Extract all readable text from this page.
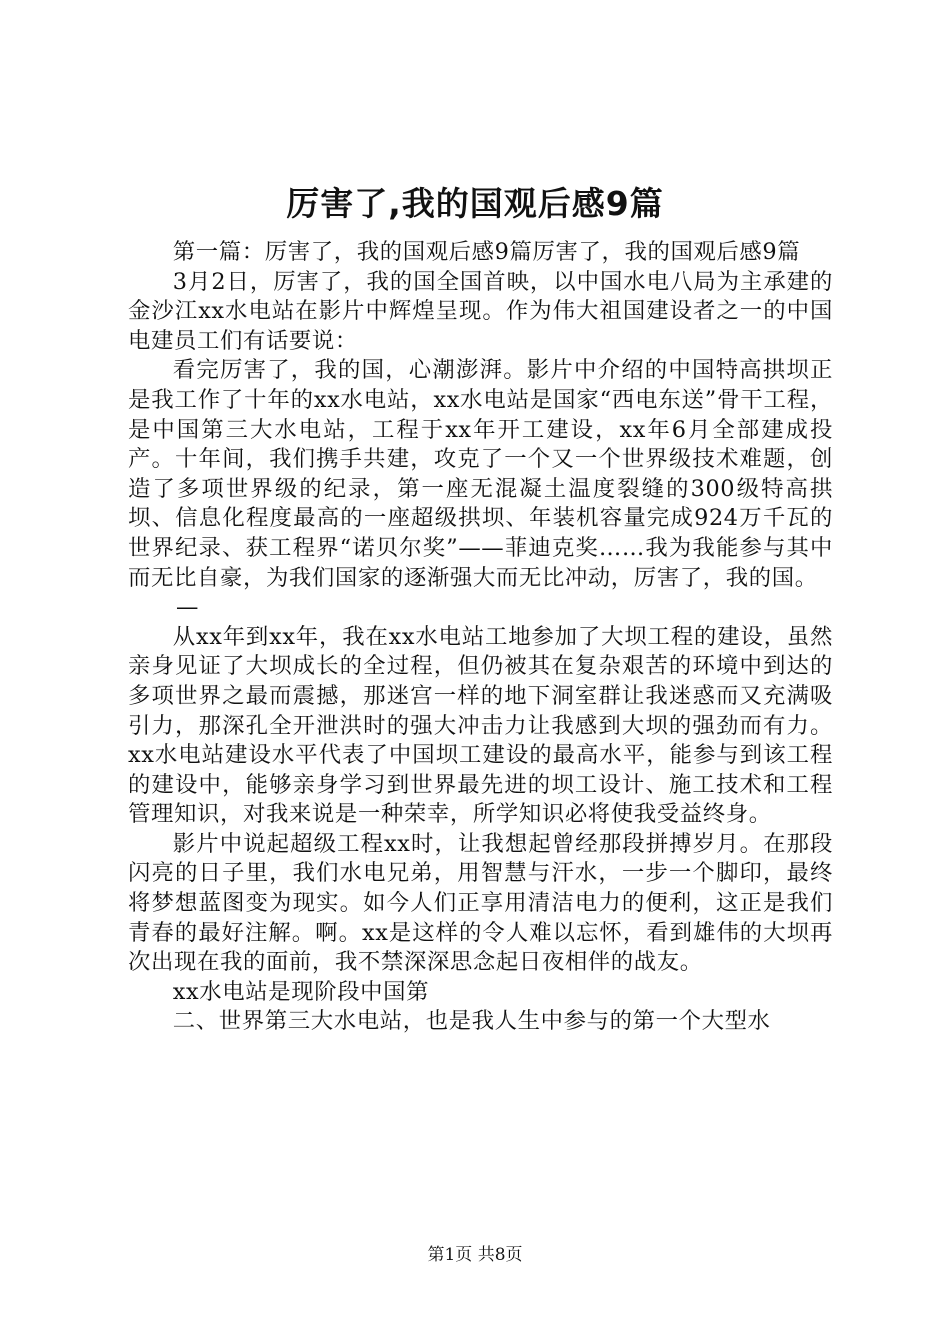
厉害了,我的国观后感9篇

第一篇：厉害了，我的国观后感9篇厉害了，我的国观后感9篇

3月2日，厉害了，我的国全国首映，以中国水电八局为主承建的金沙江xx水电站在影片中辉煌呈现。作为伟大祖国建设者之一的中国电建员工们有话要说：

看完厉害了，我的国，心潮澎湃。影片中介绍的中国特高拱坝正是我工作了十年的xx水电站，xx水电站是国家“西电东送”骨干工程，是中国第三大水电站，工程于xx年开工建设，xx年6月全部建成投产。十年间，我们携手共建，攻克了一个又一个世界级技术难题，创造了多项世界级的纪录，第一座无混凝土温度裂缝的300级特高拱坝、信息化程度最高的一座超级拱坝、年装机容量完成924万千瓦的世界纪录、获工程界“诺贝尔奖”——菲迪克奖……我为我能参与其中而无比自豪，为我们国家的逐渐强大而无比冲动，厉害了，我的国。

—

从xx年到xx年，我在xx水电站工地参加了大坝工程的建设，虽然亲身见证了大坝成长的全过程，但仍被其在复杂艰苦的环境中到达的多项世界之最而震撼，那迷宫一样的地下洞室群让我迷惑而又充满吸引力，那深孔全开泄洪时的强大冲击力让我感到大坝的强劲而有力。xx水电站建设水平代表了中国坝工建设的最高水平，能参与到该工程的建设中，能够亲身学习到世界最先进的坝工设计、施工技术和工程管理知识，对我来说是一种荣幸，所学知识必将使我受益终身。

影片中说起超级工程xx时，让我想起曾经那段拼搏岁月。在那段闪亮的日子里，我们水电兄弟，用智慧与汗水，一步一个脚印，最终将梦想蓝图变为现实。如今人们正享用清洁电力的便利，这正是我们青春的最好注解。啊。xx是这样的令人难以忘怀，看到雄伟的大坝再次出现在我的面前，我不禁深深思念起日夜相伴的战友。

xx水电站是现阶段中国第

二、世界第三大水电站，也是我人生中参与的第一个大型水

第1页 共8页
